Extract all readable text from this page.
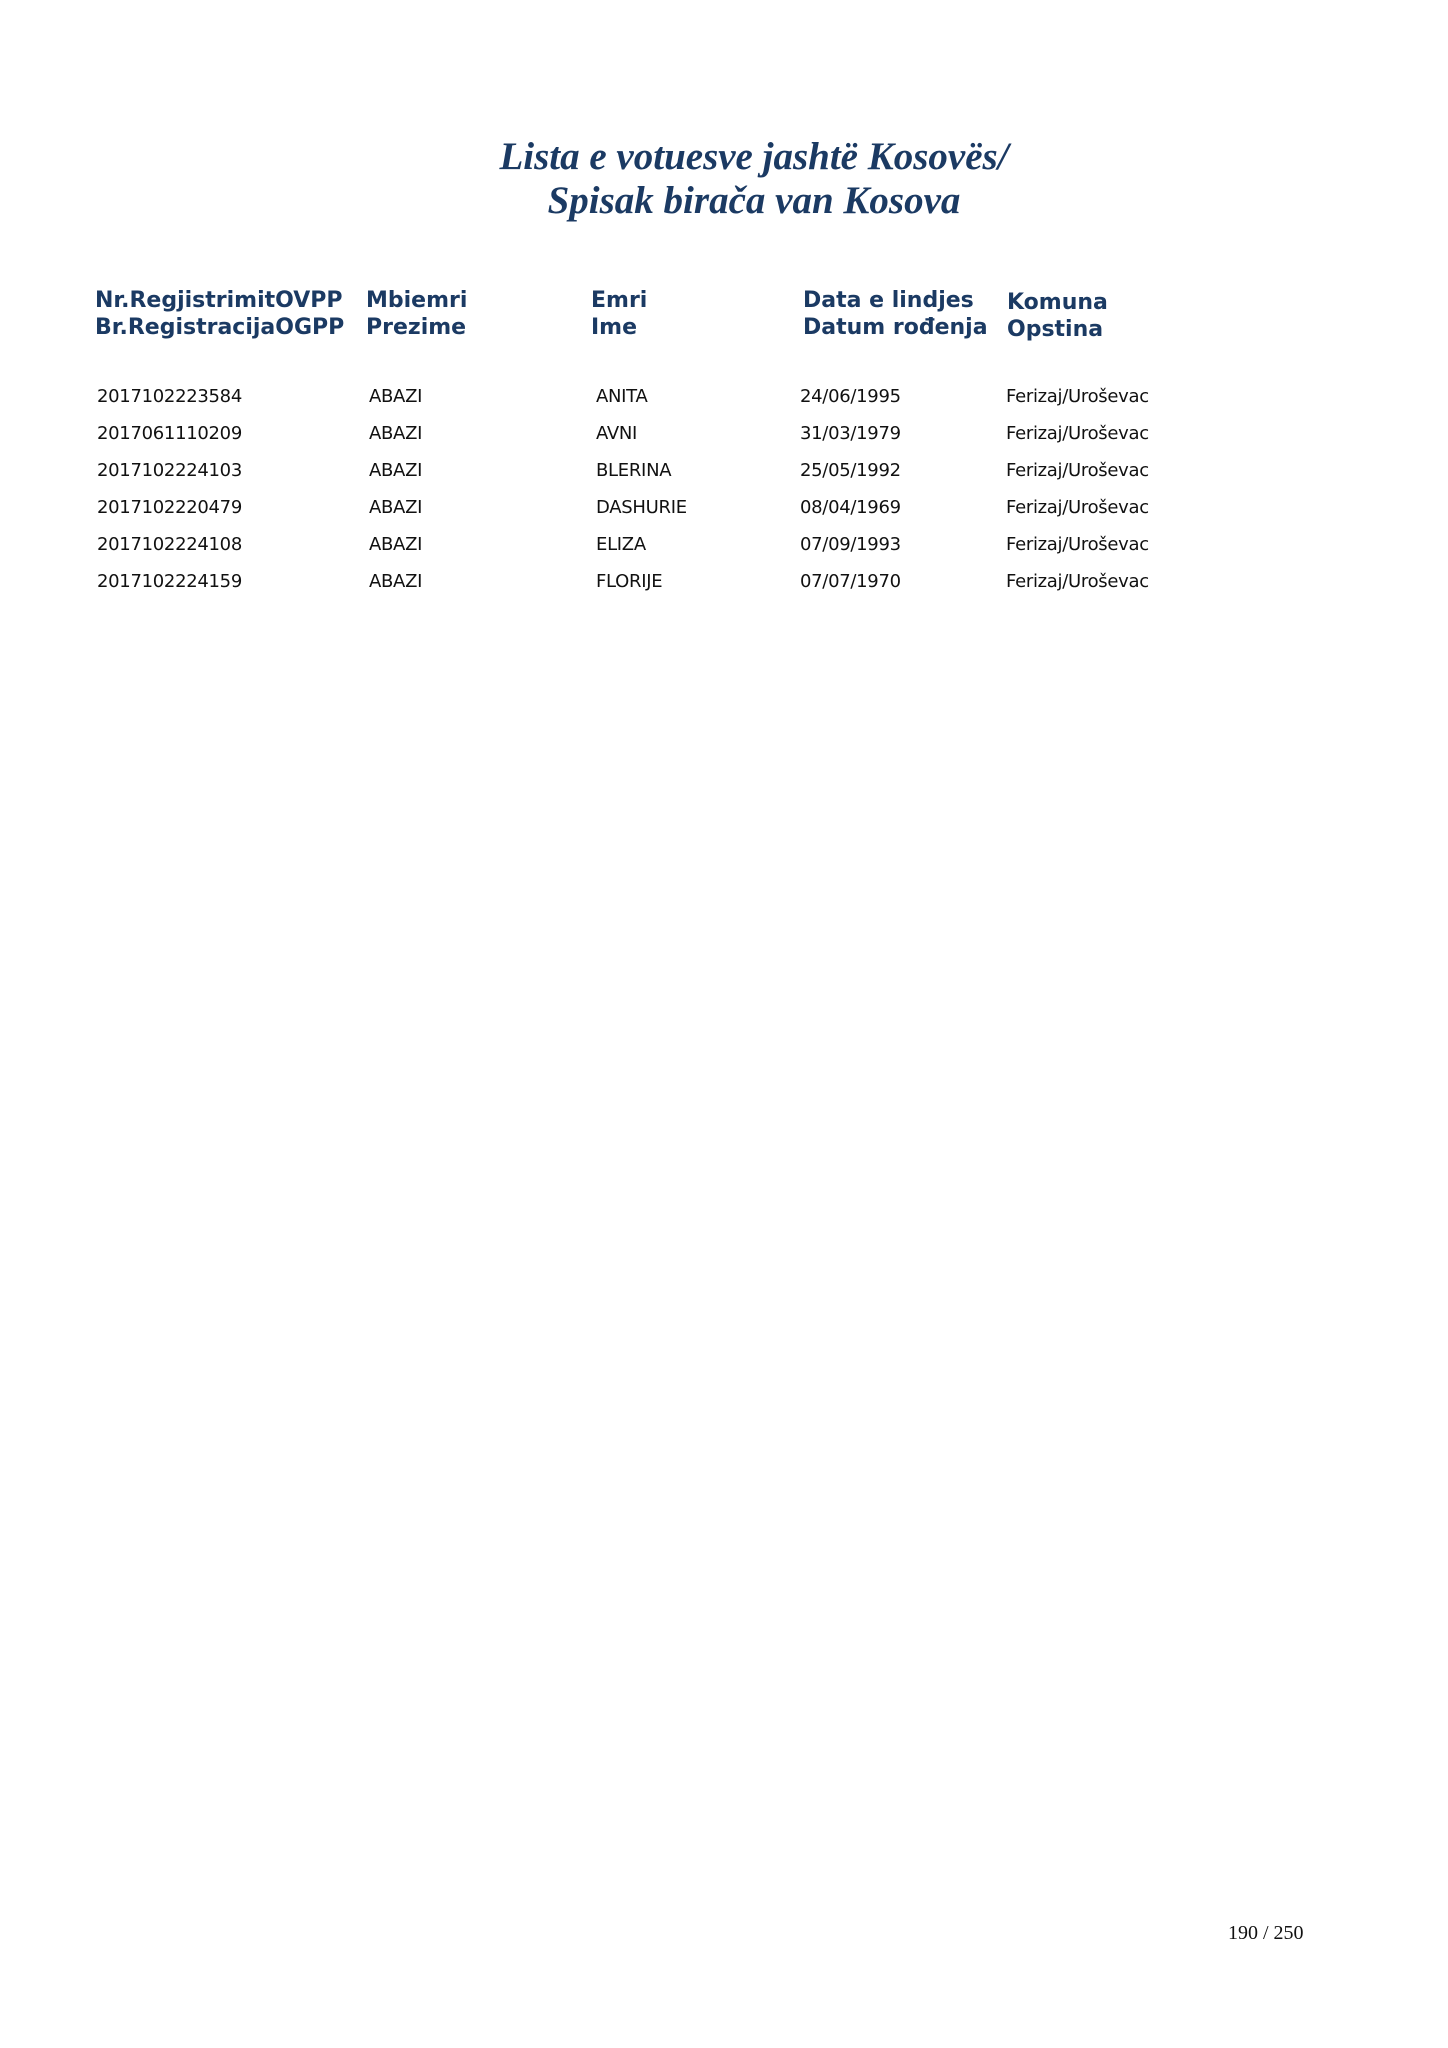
Lista e votuesve jashtë Kosovës/
Spisak birača van Kosova
Nr.RegjistrimitOVPP
Br.RegistracijaOGPP
Mbiemri
Prezime
Emri
Ime
Data e lindjes
Datum rođenja
Komuna
Opstina
2017102223584	ABAZI	ANITA	24/06/1995	Ferizaj/Uroševac
2017061110209	ABAZI	AVNI	31/03/1979	Ferizaj/Uroševac
2017102224103	ABAZI	BLERINA	25/05/1992	Ferizaj/Uroševac
2017102220479	ABAZI	DASHURIE	08/04/1969	Ferizaj/Uroševac
2017102224108	ABAZI	ELIZA	07/09/1993	Ferizaj/Uroševac
2017102224159	ABAZI	FLORIJE	07/07/1970	Ferizaj/Uroševac
190 / 250
